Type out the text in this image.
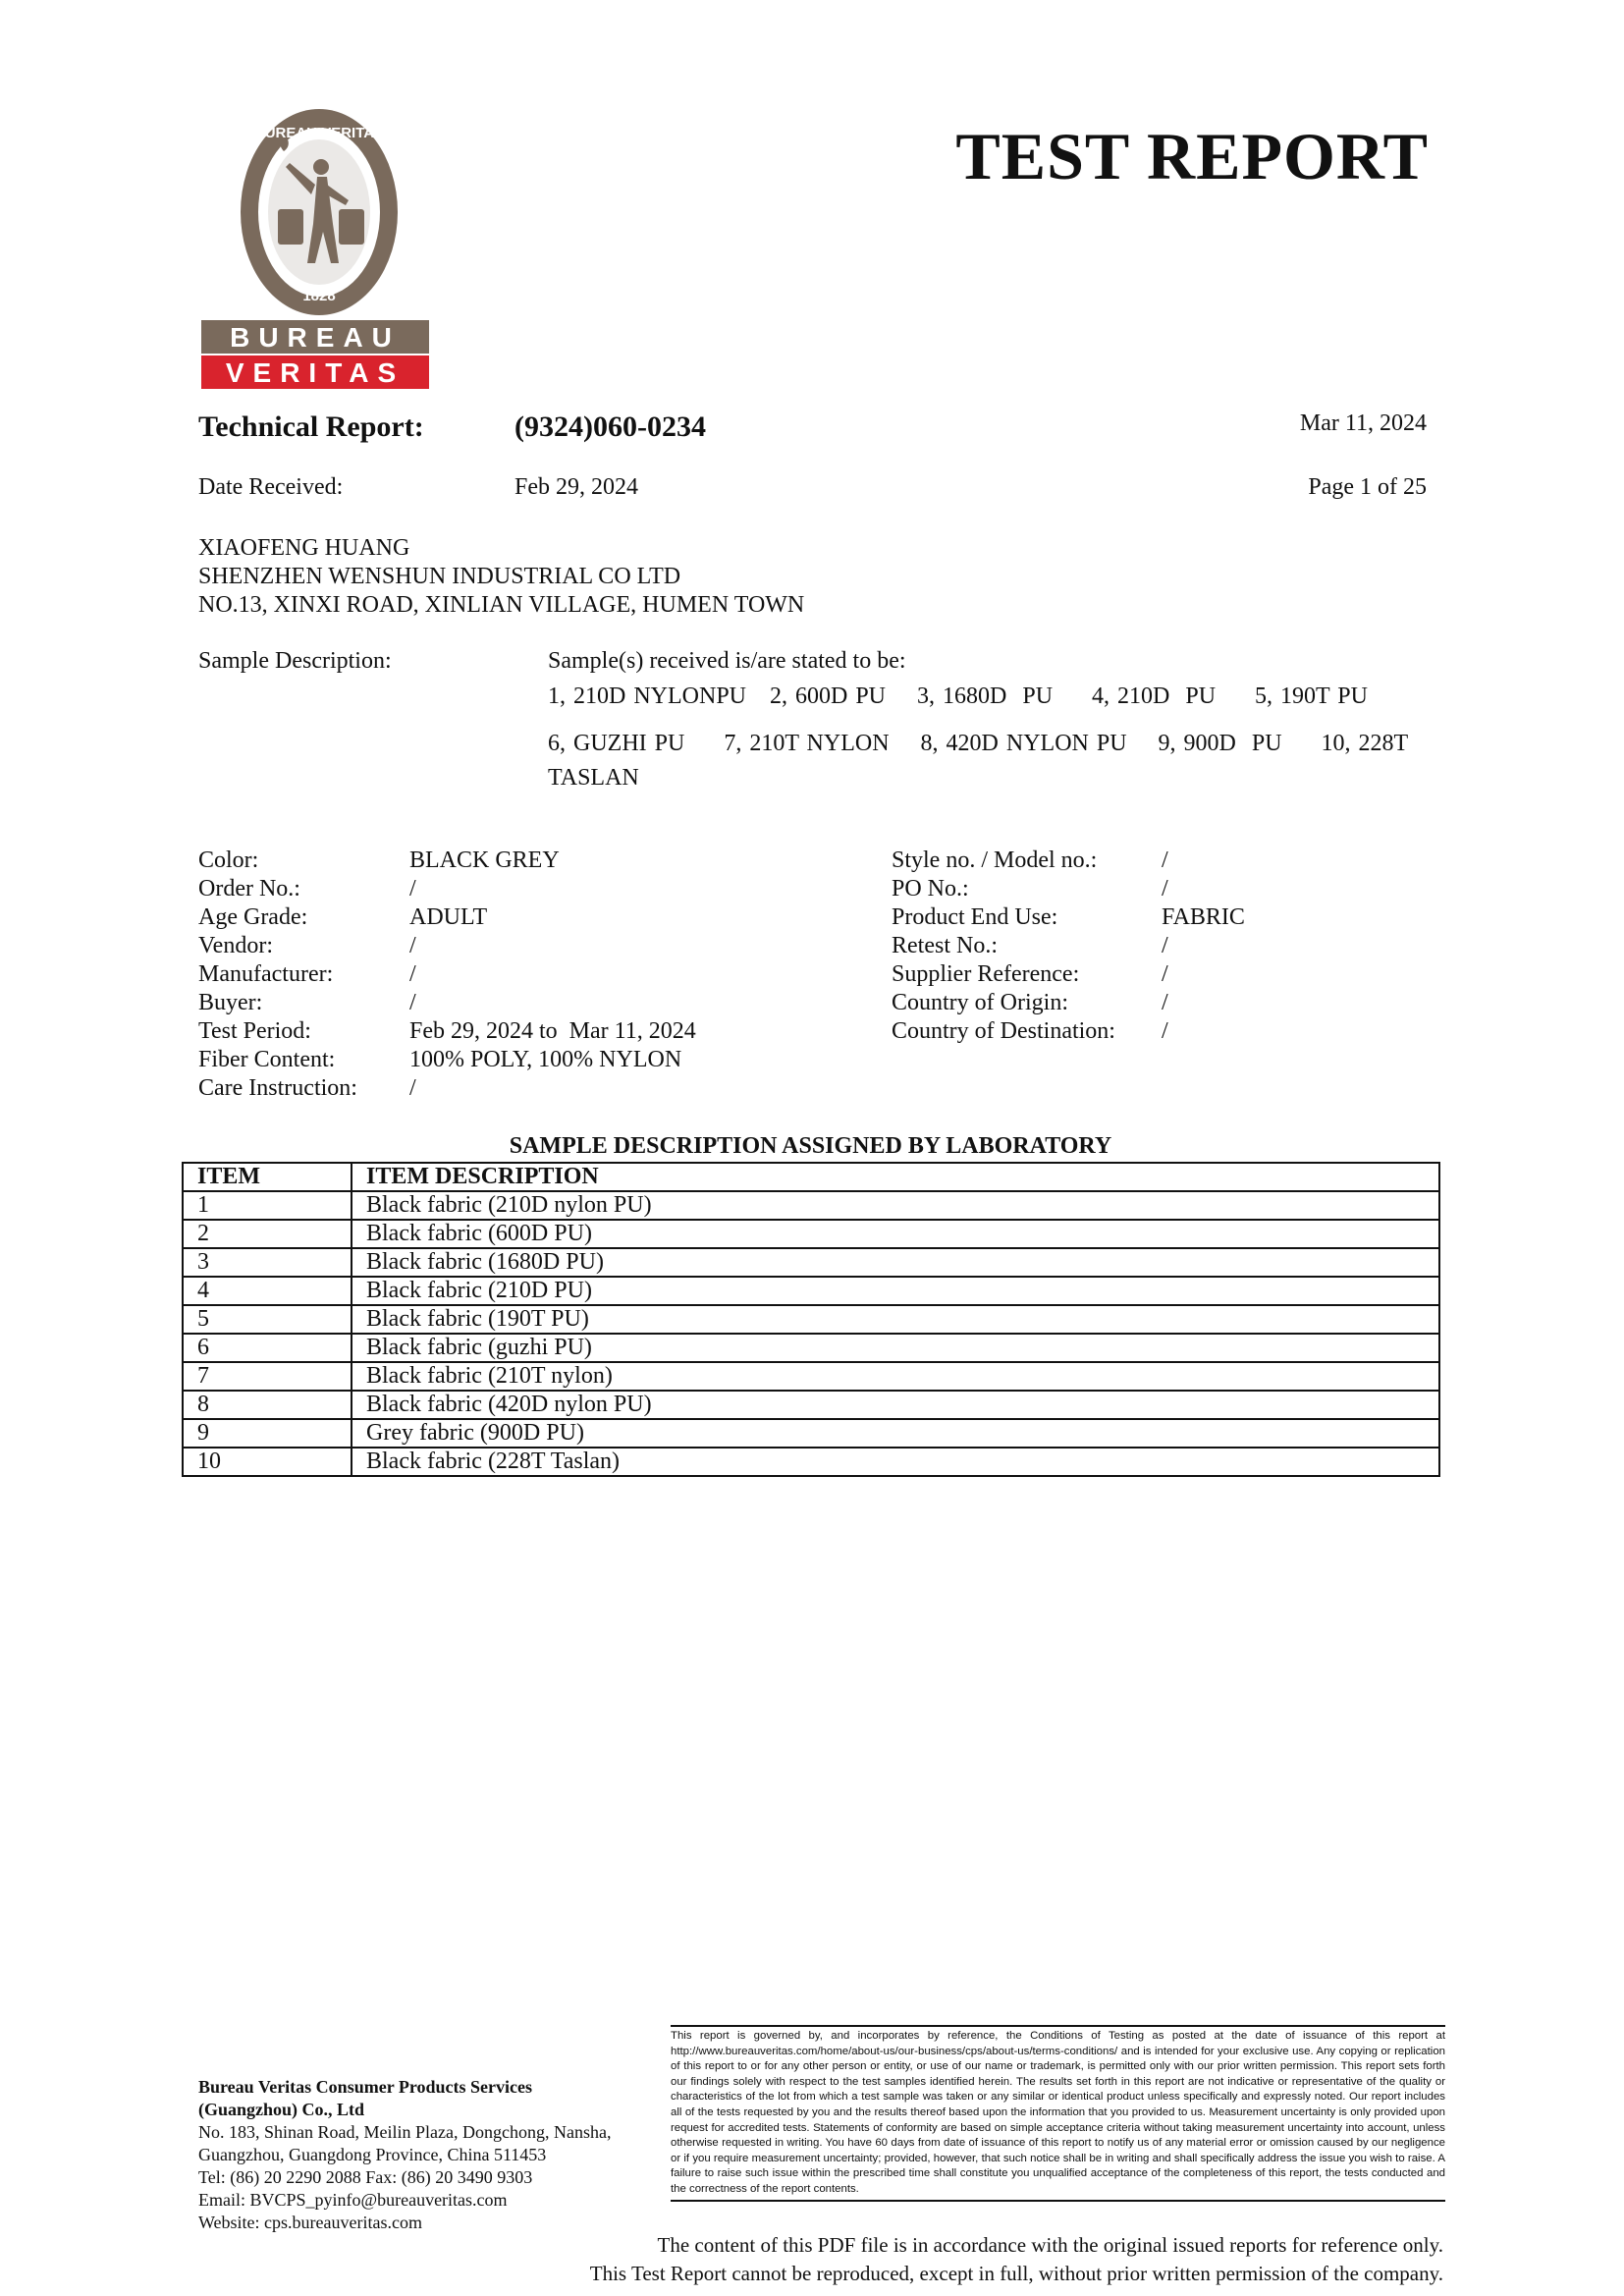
BUREAU VERITAS
1828
BUREAU
VERITAS
TEST REPORT
Technical Report:	(9324)060-0234	Mar 11, 2024
Date Received:	Feb 29, 2024	Page 1 of 25
XIAOFENG HUANG
SHENZHEN WENSHUN INDUSTRIAL CO LTD
NO.13, XINXI ROAD, XINLIAN VILLAGE, HUMEN TOWN
Sample Description:	Sample(s) received is/are stated to be:
1, 210D NYLONPU   2, 600D PU    3, 1680D  PU     4, 210D  PU     5, 190T PU
6, GUZHI PU     7, 210T NYLON    8, 420D NYLON PU    9, 900D  PU     10, 228T TASLAN
Color:	BLACK GREY
Order No.:	/
Age Grade:	ADULT
Vendor:	/
Manufacturer:	/
Buyer:	/
Test Period:	Feb 29, 2024 to  Mar 11, 2024
Fiber Content:	100% POLY, 100% NYLON
Care Instruction: /
Style no. / Model no.:	/
PO No.:	/
Product End Use:	FABRIC
Retest No.:	/
Supplier Reference:	/
Country of Origin:	/
Country of Destination: /
SAMPLE DESCRIPTION ASSIGNED BY LABORATORY
ITEM	ITEM DESCRIPTION
1	Black fabric (210D nylon PU)
2	Black fabric (600D PU)
3	Black fabric (1680D PU)
4	Black fabric (210D PU)
5	Black fabric (190T PU)
6	Black fabric (guzhi PU)
7	Black fabric (210T nylon)
8	Black fabric (420D nylon PU)
9	Grey fabric (900D PU)
10	Black fabric (228T Taslan)
Bureau Veritas Consumer Products Services
(Guangzhou) Co., Ltd
No. 183, Shinan Road, Meilin Plaza, Dongchong, Nansha,
Guangzhou, Guangdong Province, China 511453
Tel: (86) 20 2290 2088 Fax: (86) 20 3490 9303
Email: BVCPS_pyinfo@bureauveritas.com
Website: cps.bureauveritas.com
This report is governed by, and incorporates by reference, the Conditions of Testing as posted at the date of issuance of this report at http://www.bureauveritas.com/home/about-us/our-business/cps/about-us/terms-conditions/ and is intended for your exclusive use. Any copying or replication of this report to or for any other person or entity, or use of our name or trademark, is permitted only with our prior written permission. This report sets forth our findings solely with respect to the test samples identified herein. The results set forth in this report are not indicative or representative of the quality or characteristics of the lot from which a test sample was taken or any similar or identical product unless specifically and expressly noted. Our report includes all of the tests requested by you and the results thereof based upon the information that you provided to us. Measurement uncertainty is only provided upon request for accredited tests. Statements of conformity are based on simple acceptance criteria without taking measurement uncertainty into account, unless otherwise requested in writing. You have 60 days from date of issuance of this report to notify us of any material error or omission caused by our negligence or if you require measurement uncertainty; provided, however, that such notice shall be in writing and shall specifically address the issue you wish to raise. A failure to raise such issue within the prescribed time shall constitute you unqualified acceptance of the completeness of this report, the tests conducted and the correctness of the report contents.
The content of this PDF file is in accordance with the original issued reports for reference only.
This Test Report cannot be reproduced, except in full, without prior written permission of the company.
